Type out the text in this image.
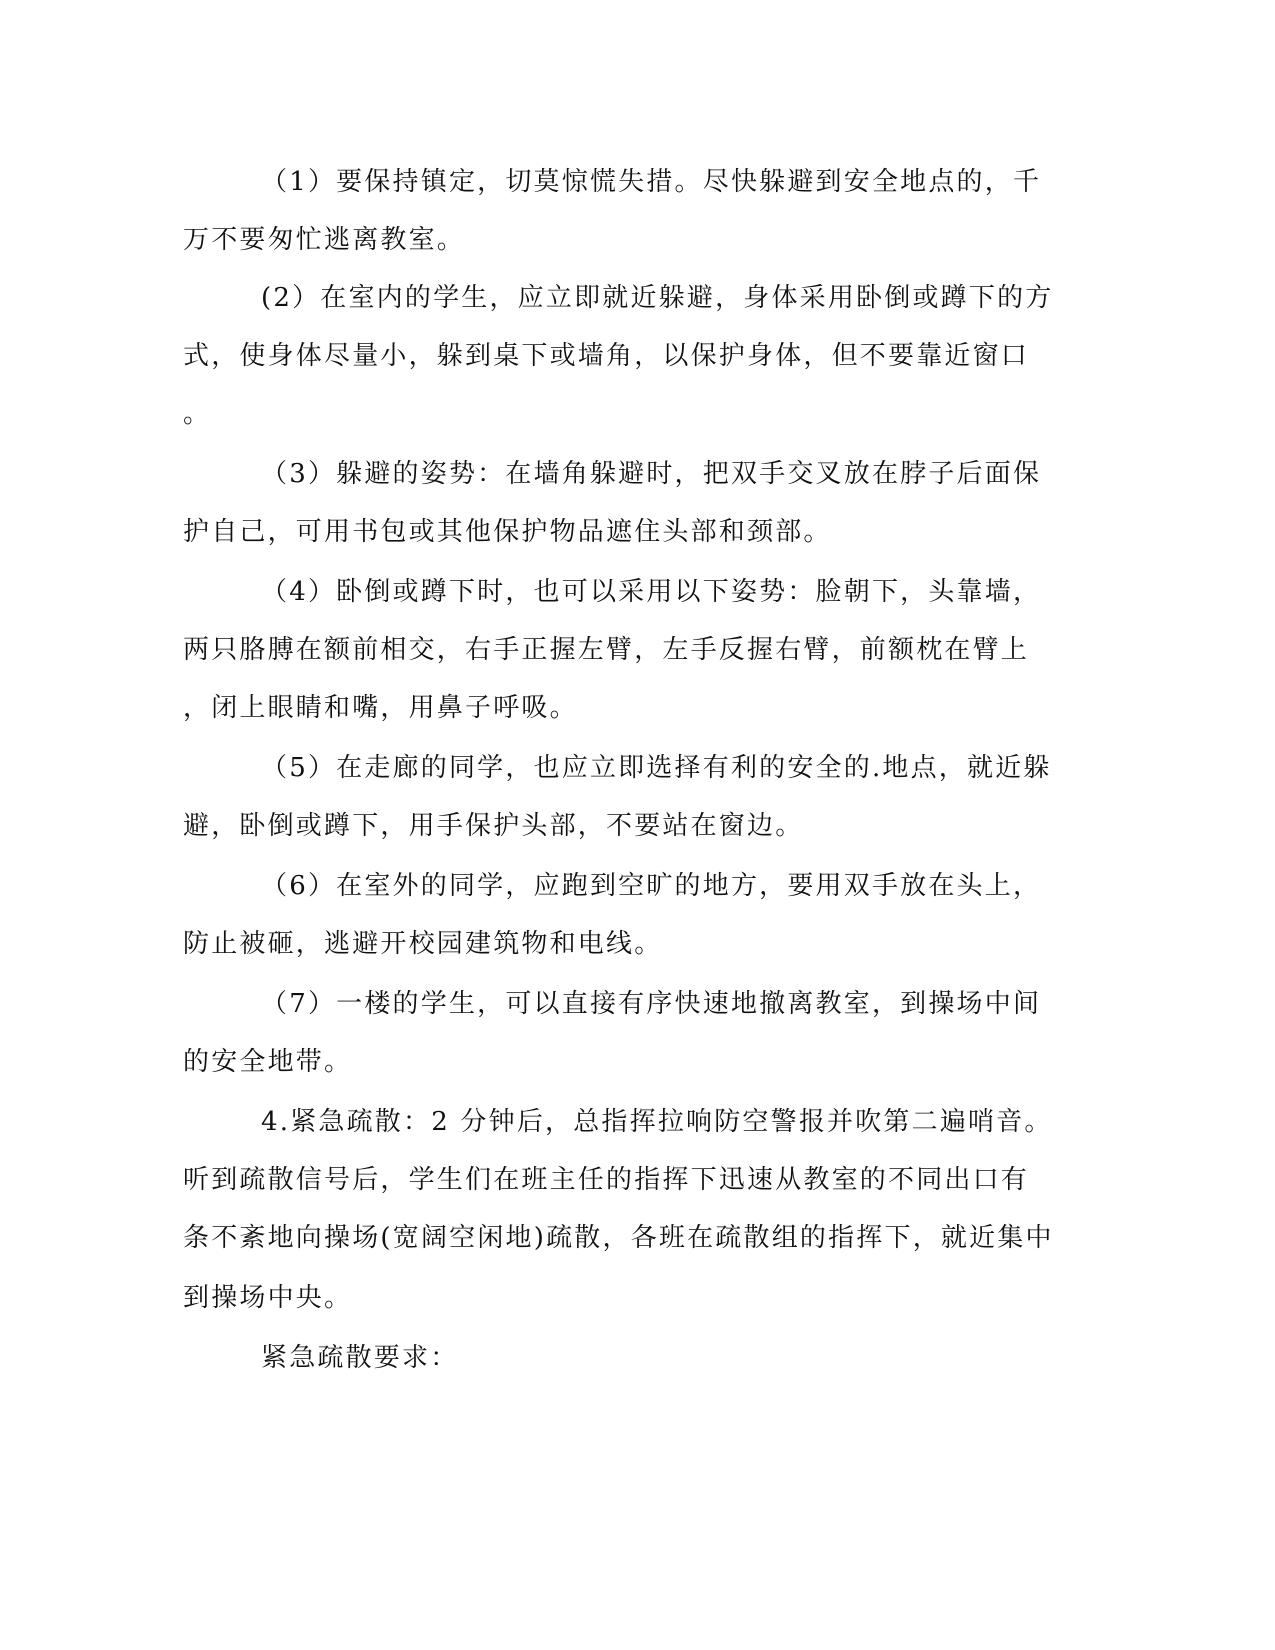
（1）要保持镇定，切莫惊慌失措。尽快躲避到安全地点的，千
万不要匆忙逃离教室。
(2）在室内的学生，应立即就近躲避，身体采用卧倒或蹲下的方
式，使身体尽量小，躲到桌下或墙角，以保护身体，但不要靠近窗口
。
（3）躲避的姿势：在墙角躲避时，把双手交叉放在脖子后面保
护自己，可用书包或其他保护物品遮住头部和颈部。
（4）卧倒或蹲下时，也可以采用以下姿势：脸朝下，头靠墙，
两只胳膊在额前相交，右手正握左臂，左手反握右臂，前额枕在臂上
，闭上眼睛和嘴，用鼻子呼吸。
（5）在走廊的同学，也应立即选择有利的安全的.地点，就近躲
避，卧倒或蹲下，用手保护头部，不要站在窗边。
（6）在室外的同学，应跑到空旷的地方，要用双手放在头上，
防止被砸，逃避开校园建筑物和电线。
（7）一楼的学生，可以直接有序快速地撤离教室，到操场中间
的安全地带。
4.紧急疏散：2 分钟后，总指挥拉响防空警报并吹第二遍哨音。
听到疏散信号后，学生们在班主任的指挥下迅速从教室的不同出口有
条不紊地向操场(宽阔空闲地)疏散，各班在疏散组的指挥下，就近集中
到操场中央。
紧急疏散要求：
